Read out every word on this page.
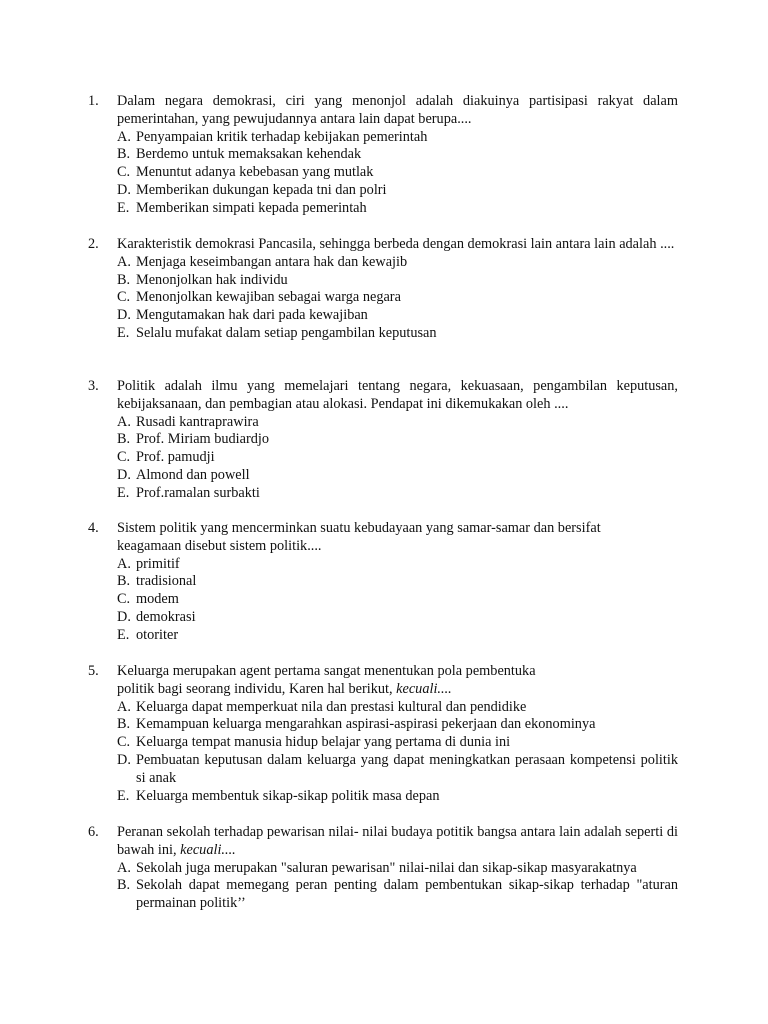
1. Dalam negara demokrasi, ciri yang menonjol adalah diakuinya partisipasi rakyat dalam pemerintahan, yang pewujudannya antara lain dapat berupa....
A. Penyampaian kritik terhadap kebijakan pemerintah
B. Berdemo untuk memaksakan kehendak
C. Menuntut adanya kebebasan yang mutlak
D. Memberikan dukungan kepada tni dan polri
E. Memberikan simpati kepada pemerintah
2. Karakteristik demokrasi Pancasila, sehingga berbeda dengan demokrasi lain antara lain adalah ....
A. Menjaga keseimbangan antara hak dan kewajib
B. Menonjolkan hak individu
C. Menonjolkan kewajiban sebagai warga negara
D. Mengutamakan hak dari pada kewajiban
E. Selalu mufakat dalam setiap pengambilan keputusan
3. Politik adalah ilmu yang memelajari tentang negara, kekuasaan, pengambilan keputusan, kebijaksanaan, dan pembagian atau alokasi. Pendapat ini dikemukakan oleh ....
A. Rusadi kantraprawira
B. Prof. Miriam budiardjo
C. Prof. pamudji
D. Almond dan powell
E. Prof.ramalan surbakti
4. Sistem politik yang mencerminkan suatu kebudayaan yang samar-samar dan bersifat
keagamaan disebut sistem politik....
A. primitif
B. tradisional
C. modem
D. demokrasi
E. otoriter
5. Keluarga merupakan agent pertama sangat menentukan pola pembentuka
politik bagi seorang individu, Karen hal berikut, kecuali....
A. Keluarga dapat memperkuat nila dan prestasi kultural dan pendidike
B. Kemampuan keluarga mengarahkan aspirasi-aspirasi pekerjaan dan ekonominya
C. Keluarga tempat manusia hidup belajar yang pertama di dunia ini
D. Pembuatan keputusan dalam keluarga yang dapat meningkatkan perasaan kompetensi politik si anak
E. Keluarga membentuk sikap-sikap politik masa depan
6. Peranan sekolah terhadap pewarisan nilai- nilai budaya potitik bangsa antara lain adalah seperti di bawah ini, kecuali....
A. Sekolah juga merupakan "saluran pewarisan" nilai-nilai dan sikap-sikap masyarakatnya
B. Sekolah dapat memegang peran penting dalam pembentukan sikap-sikap terhadap "aturan permainan politik’’
